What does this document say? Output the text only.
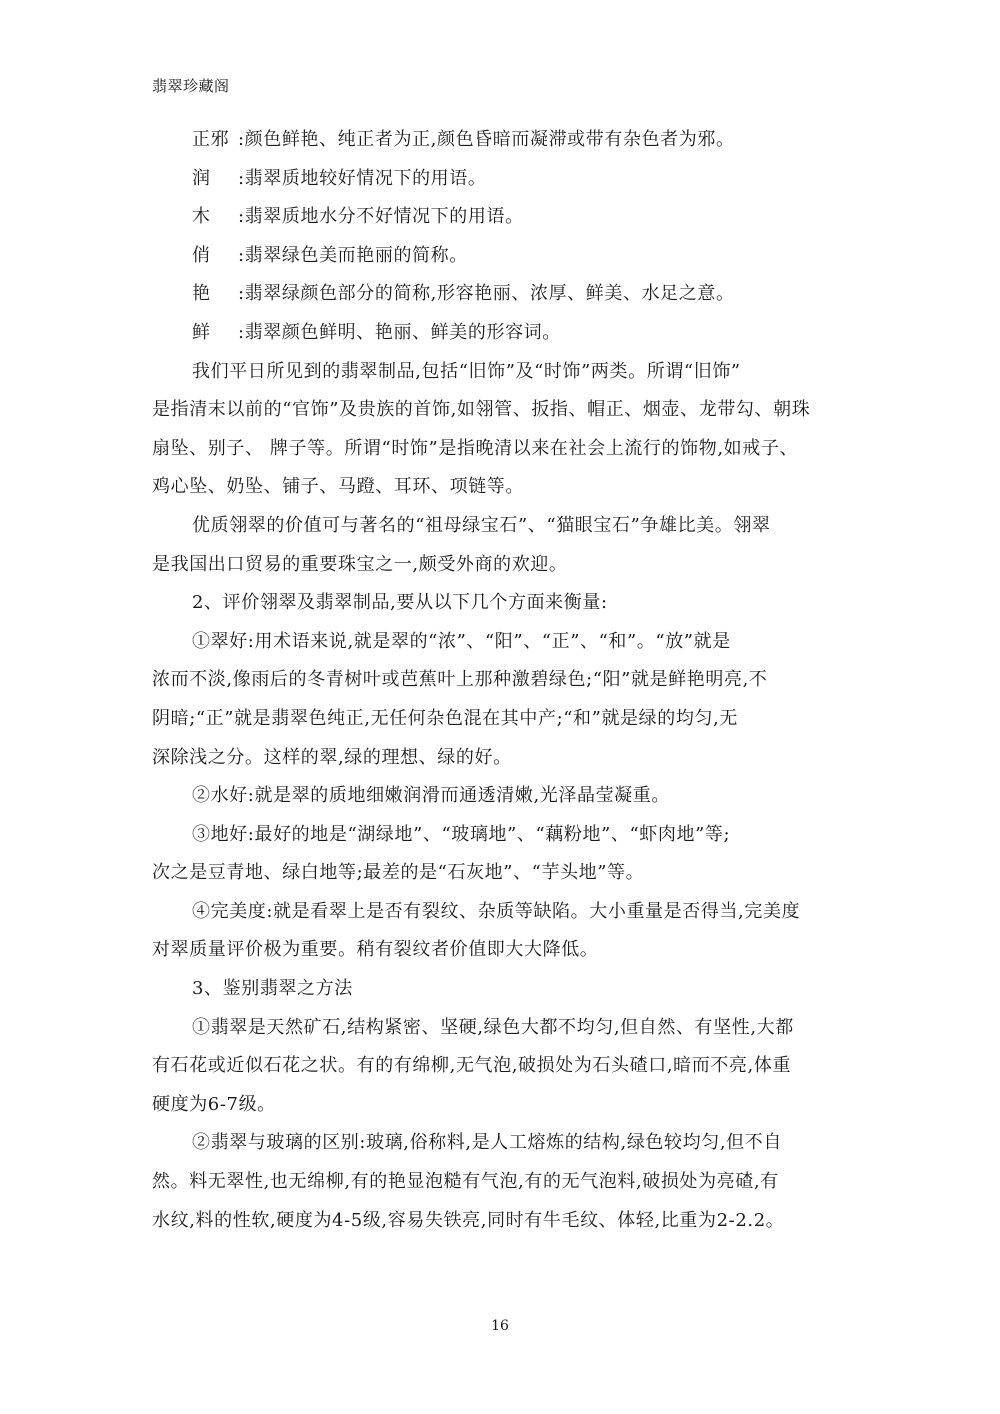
翡翠珍藏阁
正邪 :颜色鲜艳、纯正者为正,颜色昏暗而凝滞或带有杂色者为邪。
润 :翡翠质地较好情况下的用语。
木 :翡翠质地水分不好情况下的用语。
俏 :翡翠绿色美而艳丽的简称。
艳 :翡翠绿颜色部分的简称,形容艳丽、浓厚、鲜美、水足之意。
鲜 :翡翠颜色鲜明、艳丽、鲜美的形容词。
我们平日所见到的翡翠制品,包括“旧饰”及“时饰”两类。所谓“旧饰”
是指清末以前的“官饰”及贵族的首饰,如翎管、扳指、帽正、烟壶、龙带勾、朝珠
扇坠、别子、 牌子等。所谓“时饰”是指晚清以来在社会上流行的饰物,如戒子、
鸡心坠、奶坠、铺子、马蹬、耳环、项链等。
优质翎翠的价值可与著名的“祖母绿宝石”、“猫眼宝石”争雄比美。翎翠
是我国出口贸易的重要珠宝之一,颇受外商的欢迎。
2、评价翎翠及翡翠制品,要从以下几个方面来衡量:
①翠好:用术语来说,就是翠的“浓”、“阳”、“正”、“和”。“放”就是
浓而不淡,像雨后的冬青树叶或芭蕉叶上那种激碧绿色;“阳”就是鲜艳明亮,不
阴暗;“正”就是翡翠色纯正,无任何杂色混在其中产;“和”就是绿的均匀,无
深除浅之分。这样的翠,绿的理想、绿的好。
②水好:就是翠的质地细嫩润滑而通透清嫩,光泽晶莹凝重。
③地好:最好的地是“湖绿地”、“玻璃地”、“藕粉地”、“虾肉地”等;
次之是豆青地、绿白地等;最差的是“石灰地”、“芋头地”等。
④完美度:就是看翠上是否有裂纹、杂质等缺陷。大小重量是否得当,完美度
对翠质量评价极为重要。稍有裂纹者价值即大大降低。
3、鉴别翡翠之方法
①翡翠是天然矿石,结构紧密、坚硬,绿色大都不均匀,但自然、有坚性,大都
有石花或近似石花之状。有的有绵柳,无气泡,破损处为石头碴口,暗而不亮,体重
硬度为6-7级。
②翡翠与玻璃的区别:玻璃,俗称料,是人工熔炼的结构,绿色较均匀,但不自
然。料无翠性,也无绵柳,有的艳显泡糙有气泡,有的无气泡料,破损处为亮碴,有
水纹,料的性软,硬度为4-5级,容易失铁亮,同时有牛毛纹、体轻,比重为2-2.2。
16
